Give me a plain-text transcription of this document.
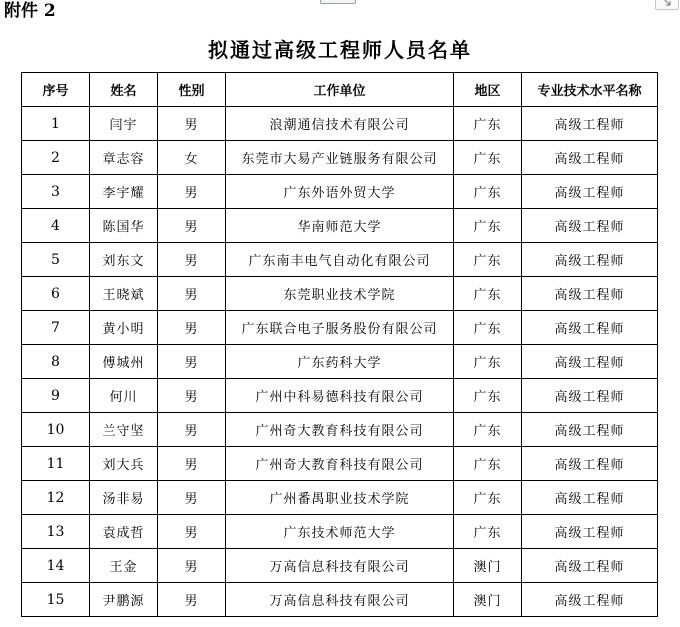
附件 2
拟通过高级工程师人员名单
序号	姓名	性别	工作单位	地区	专业技术水平名称
1	闫宇	男	浪潮通信技术有限公司	广东	高级工程师
2	章志容	女	东莞市大易产业链服务有限公司	广东	高级工程师
3	李宇耀	男	广东外语外贸大学	广东	高级工程师
4	陈国华	男	华南师范大学	广东	高级工程师
5	刘东文	男	广东南丰电气自动化有限公司	广东	高级工程师
6	王晓斌	男	东莞职业技术学院	广东	高级工程师
7	黄小明	男	广东联合电子服务股份有限公司	广东	高级工程师
8	傅城州	男	广东药科大学	广东	高级工程师
9	何川	男	广州中科易德科技有限公司	广东	高级工程师
10	兰守坚	男	广州奇大教育科技有限公司	广东	高级工程师
11	刘大兵	男	广州奇大教育科技有限公司	广东	高级工程师
12	汤非易	男	广州番禺职业技术学院	广东	高级工程师
13	袁成哲	男	广东技术师范大学	广东	高级工程师
14	王金	男	万高信息科技有限公司	澳门	高级工程师
15	尹鹏源	男	万高信息科技有限公司	澳门	高级工程师
